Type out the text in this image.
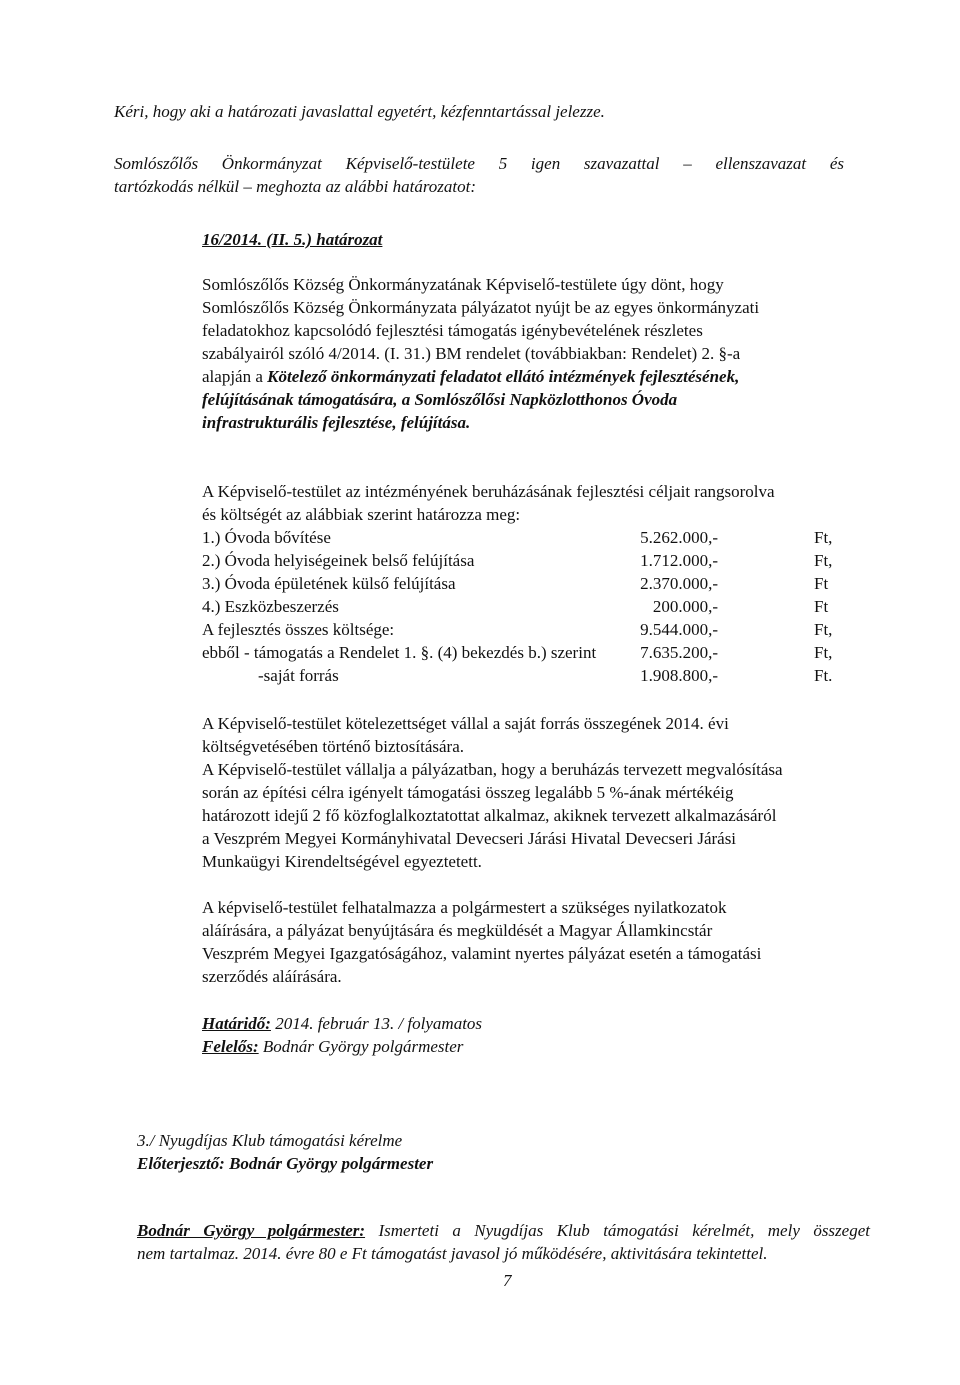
Kéri, hogy aki a határozati javaslattal egyetért, kézfenntartással jelezze.
Somlószőlős Önkormányzat Képviselő-testülete 5 igen szavazattal – ellenszavazat és
tartózkodás nélkül – meghozta az alábbi határozatot:
16/2014. (II. 5.) határozat
Somlószőlős Község Önkormányzatának Képviselő-testülete úgy dönt, hogy
Somlószőlős Község Önkormányzata pályázatot nyújt be az egyes önkormányzati
feladatokhoz kapcsolódó fejlesztési támogatás igénybevételének részletes
szabályairól szóló 4/2014. (I. 31.) BM rendelet (továbbiakban: Rendelet) 2. §-a
alapján a Kötelező önkormányzati feladatot ellátó intézmények fejlesztésének,
felújításának támogatására, a Somlószőlősi Napközlotthonos Óvoda
infrastrukturális fejlesztése, felújítása.
A Képviselő-testület az intézményének beruházásának fejlesztési céljait rangsorolva
és költségét az alábbiak szerint határozza meg:
1.) Óvoda bővítése	5.262.000,-	Ft,
2.) Óvoda helyiségeinek belső felújítása	1.712.000,-	Ft,
3.) Óvoda épületének külső felújítása	2.370.000,-	Ft
4.) Eszközbeszerzés	200.000,-	Ft
A fejlesztés összes költsége:	9.544.000,-	Ft,
ebből - támogatás a Rendelet 1. §. (4) bekezdés b.) szerint	7.635.200,-	Ft,
-saját forrás	1.908.800,-	Ft.
A Képviselő-testület kötelezettséget vállal a saját forrás összegének 2014. évi
költségvetésében történő biztosítására.
A Képviselő-testület vállalja a pályázatban, hogy a beruházás tervezett megvalósítása
során az építési célra igényelt támogatási összeg legalább 5 %-ának mértékéig
határozott idejű 2 fő közfoglalkoztatottat alkalmaz, akiknek tervezett alkalmazásáról
a Veszprém Megyei Kormányhivatal Devecseri Járási Hivatal Devecseri Járási
Munkaügyi Kirendeltségével egyeztetett.
A képviselő-testület felhatalmazza a polgármestert a szükséges nyilatkozatok
aláírására, a pályázat benyújtására és megküldését a Magyar Államkincstár
Veszprém Megyei Igazgatóságához, valamint nyertes pályázat esetén a támogatási
szerződés aláírására.
Határidő: 2014. február 13. / folyamatos
Felelős: Bodnár György polgármester
3./ Nyugdíjas Klub támogatási kérelme
Előterjesztő: Bodnár György polgármester
Bodnár György polgármester: Ismerteti a Nyugdíjas Klub támogatási kérelmét, mely összeget
nem tartalmaz. 2014. évre 80 e Ft támogatást javasol jó működésére, aktivitására tekintettel.
7
